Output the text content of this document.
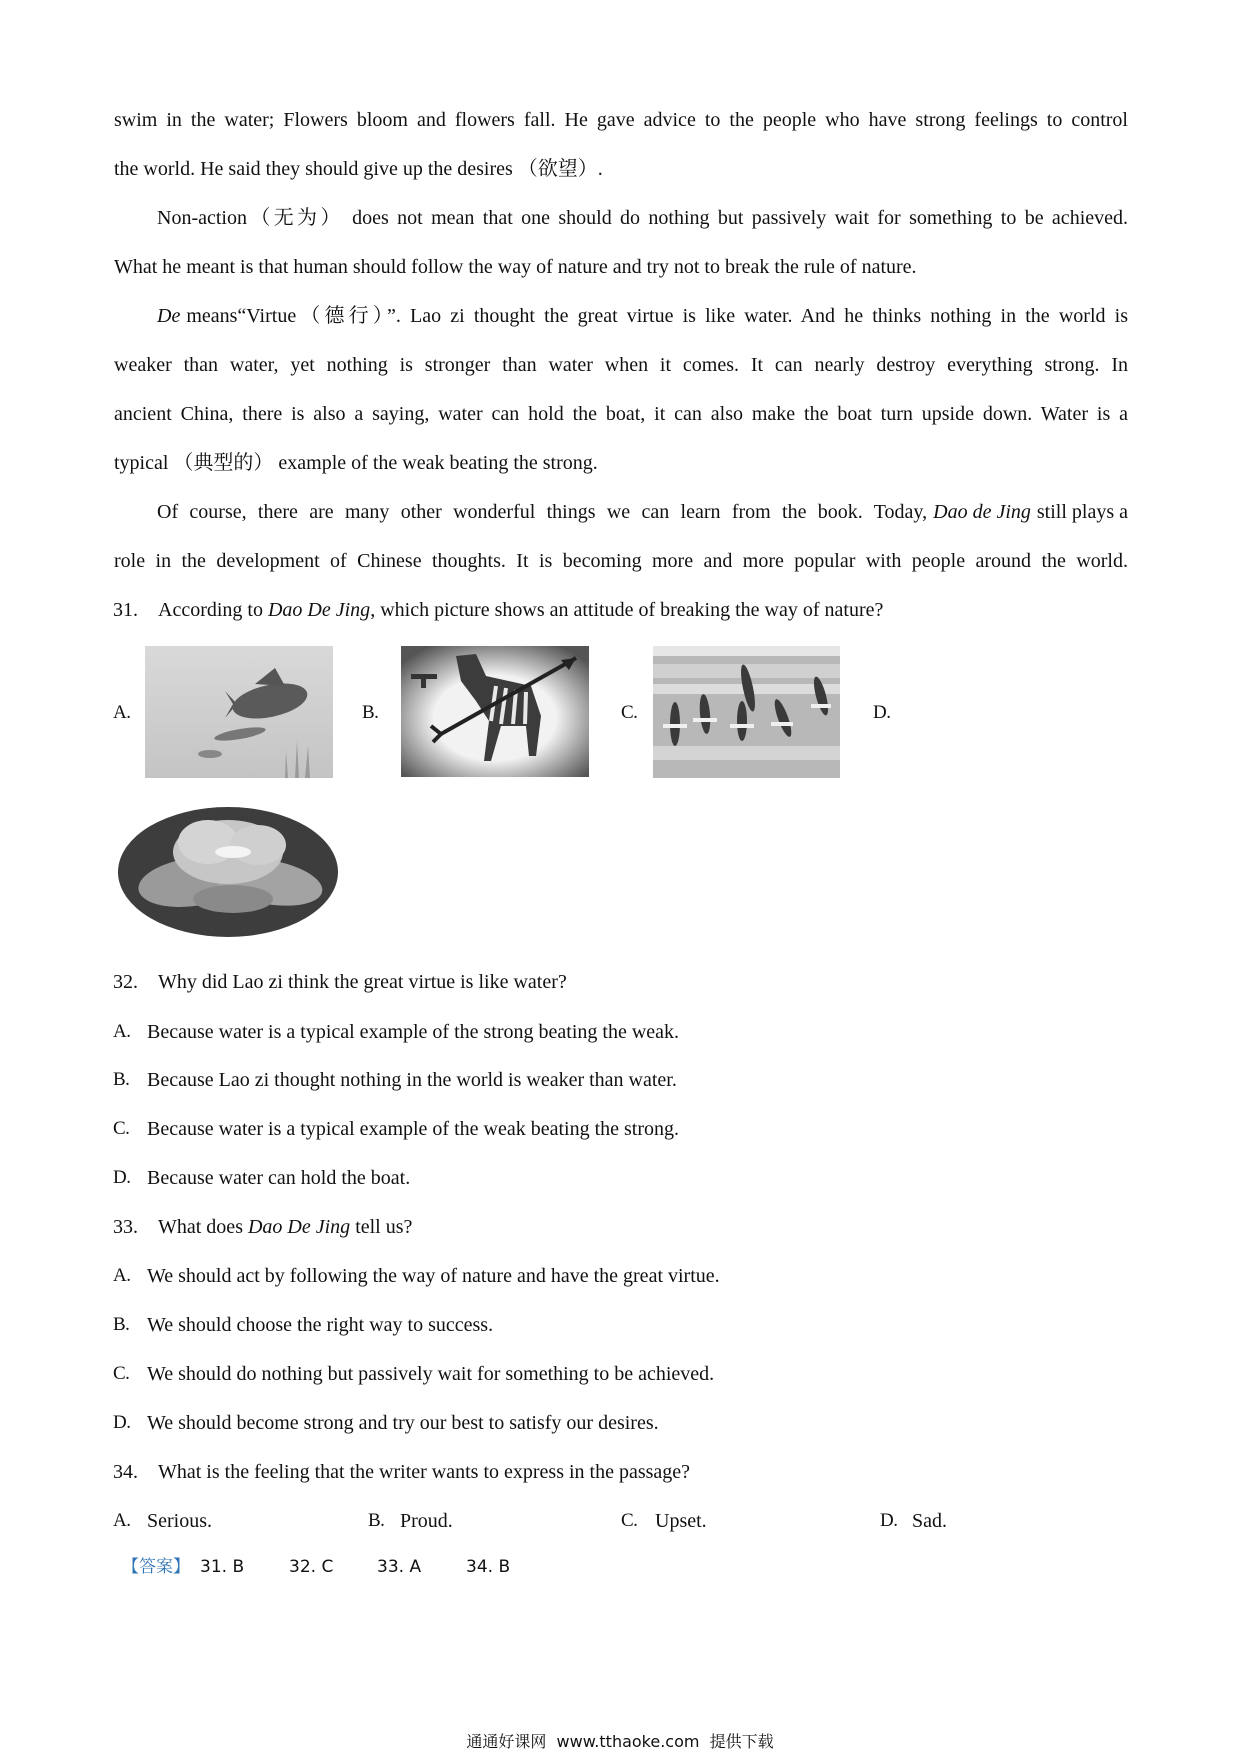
swim in the water; Flowers bloom and flowers fall. He gave advice to the people who have strong feelings to control
the world. He said they should give up the desires （欲望）.
Non-action（无为） does not mean that one should do nothing but passively wait for something to be achieved.
What he meant is that human should follow the way of nature and try not to break the rule of nature.
De means“Virtue（德行）”. Lao zi thought the great virtue is like water. And he thinks nothing in the world is
weaker than water, yet nothing is stronger than water when it comes. It can nearly destroy everything strong. In
ancient China, there is also a saying, water can hold the boat, it can also make the boat turn upside down. Water is a
typical （典型的） example of the weak beating the strong.
Of course, there are many other wonderful things we can learn from the book. Today, Dao de Jing still plays a
role in the development of Chinese thoughts. It is becoming more and more popular with people around the world.
31. According to Dao De Jing, which picture shows an attitude of breaking the way of nature?
A.	B.	C.	D.
32. Why did Lao zi think the great virtue is like water?
A. Because water is a typical example of the strong beating the weak.
B. Because Lao zi thought nothing in the world is weaker than water.
C. Because water is a typical example of the weak beating the strong.
D. Because water can hold the boat.
33. What does Dao De Jing tell us?
A. We should act by following the way of nature and have the great virtue.
B. We should choose the right way to success.
C. We should do nothing but passively wait for something to be achieved.
D. We should become strong and try our best to satisfy our desires.
34. What is the feeling that the writer wants to express in the passage?
A. Serious.	B. Proud.	C. Upset.	D. Sad.
【答案】 31. B	32. C	33. A	34. B
通通好课网  www.tthaoke.com  提供下载
